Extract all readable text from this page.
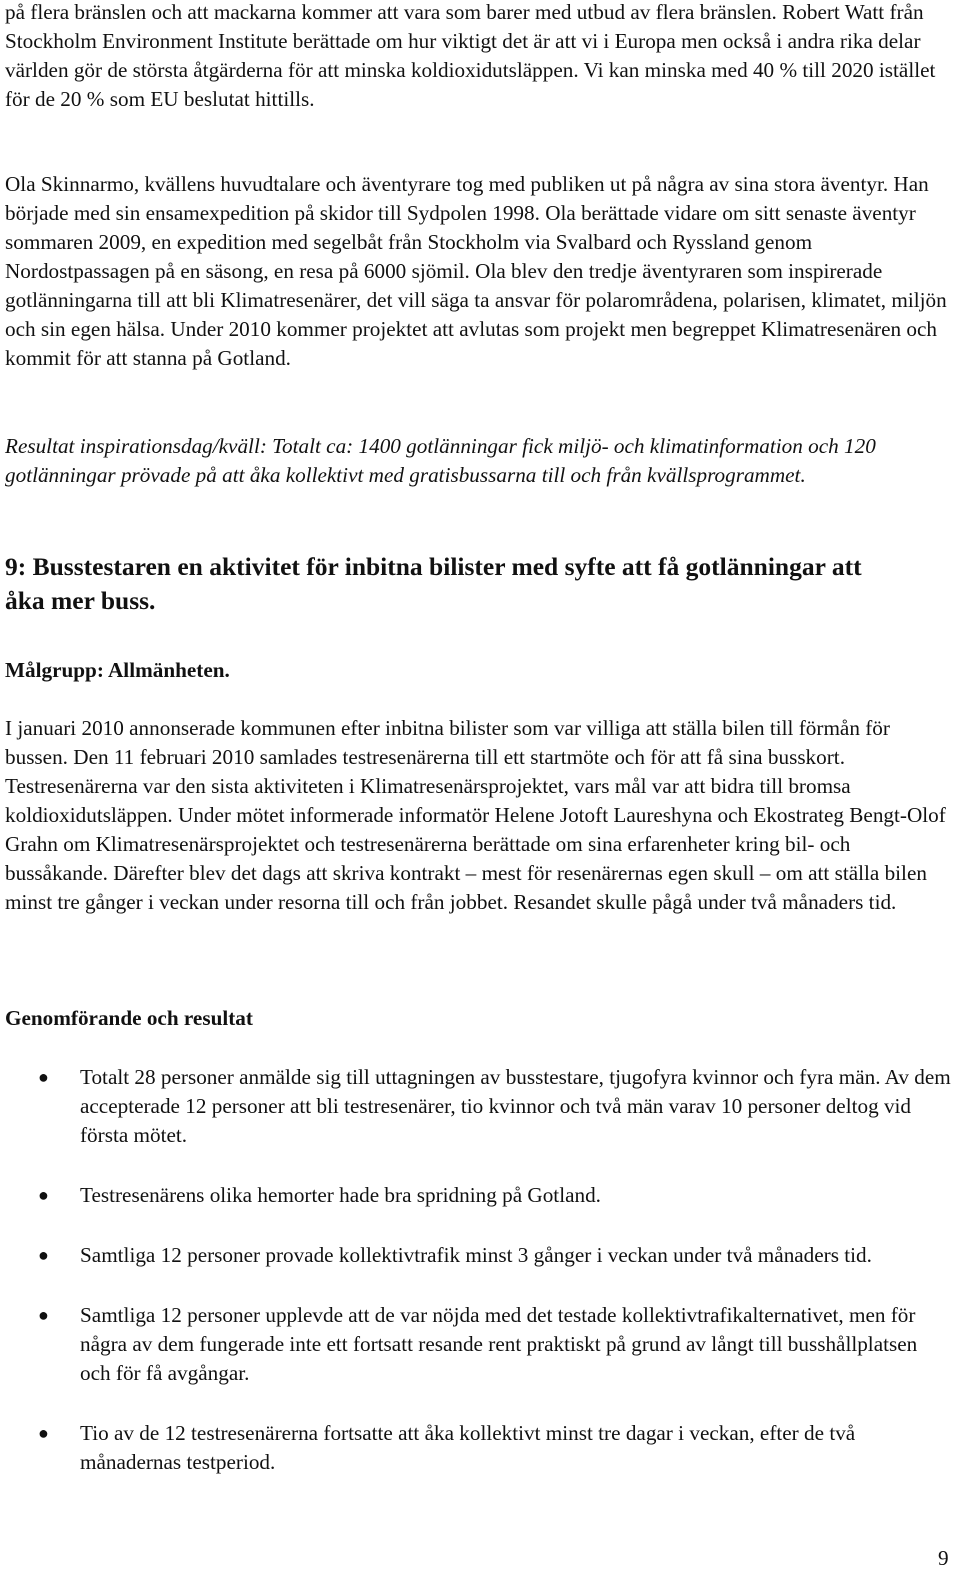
på flera bränslen och att mackarna kommer att vara som barer med utbud av flera bränslen. Robert Watt från Stockholm Environment Institute berättade om hur viktigt det är att vi i Europa men också i andra rika delar världen gör de största åtgärderna för att minska koldioxidutsläppen. Vi kan minska med 40 % till 2020 istället för de 20 % som EU beslutat hittills.

Ola Skinnarmo, kvällens huvudtalare och äventyrare tog med publiken ut på några av sina stora äventyr. Han började med sin ensamexpedition på skidor till Sydpolen 1998. Ola berättade vidare om sitt senaste äventyr sommaren 2009, en expedition med segelbåt från Stockholm via Svalbard och Ryssland genom Nordostpassagen på en säsong, en resa på 6000 sjömil. Ola blev den tredje äventyraren som inspirerade gotlänningarna till att bli Klimatresenärer, det vill säga ta ansvar för polarområdena, polarisen, klimatet, miljön och sin egen hälsa. Under 2010 kommer projektet att avlutas som projekt men begreppet Klimatresenären och kommit för att stanna på Gotland.

Resultat inspirationsdag/kväll: Totalt ca: 1400 gotlänningar fick miljö- och klimatinformation och 120 gotlänningar prövade på att åka kollektivt med gratisbussarna till och från kvällsprogrammet.

9: Busstestaren en aktivitet för inbitna bilister med syfte att få gotlänningar att åka mer buss.

Målgrupp: Allmänheten.

I januari 2010 annonserade kommunen efter inbitna bilister som var villiga att ställa bilen till förmån för bussen. Den 11 februari 2010 samlades testresenärerna till ett startmöte och för att få sina busskort. Testresenärerna var den sista aktiviteten i Klimatresenärsprojektet, vars mål var att bidra till bromsa koldioxidutsläppen. Under mötet informerade informatör Helene Jotoft Laureshyna och Ekostrateg Bengt-Olof Grahn om Klimatresenärsprojektet och testresenärerna berättade om sina erfarenheter kring bil- och bussåkande. Därefter blev det dags att skriva kontrakt – mest för resenärernas egen skull – om att ställa bilen minst tre gånger i veckan under resorna till och från jobbet. Resandet skulle pågå under två månaders tid.

Genomförande och resultat

● Totalt 28 personer anmälde sig till uttagningen av busstestare, tjugofyra kvinnor och fyra män. Av dem accepterade 12 personer att bli testresenärer, tio kvinnor och två män varav 10 personer deltog vid första mötet.
● Testresenärens olika hemorter hade bra spridning på Gotland.
● Samtliga 12 personer provade kollektivtrafik minst 3 gånger i veckan under två månaders tid.
● Samtliga 12 personer upplevde att de var nöjda med det testade kollektivtrafikalternativet, men för några av dem fungerade inte ett fortsatt resande rent praktiskt på grund av långt till busshållplatsen och för få avgångar.
● Tio av de 12 testresenärerna fortsatte att åka kollektivt minst tre dagar i veckan, efter de två månadernas testperiod.
9
